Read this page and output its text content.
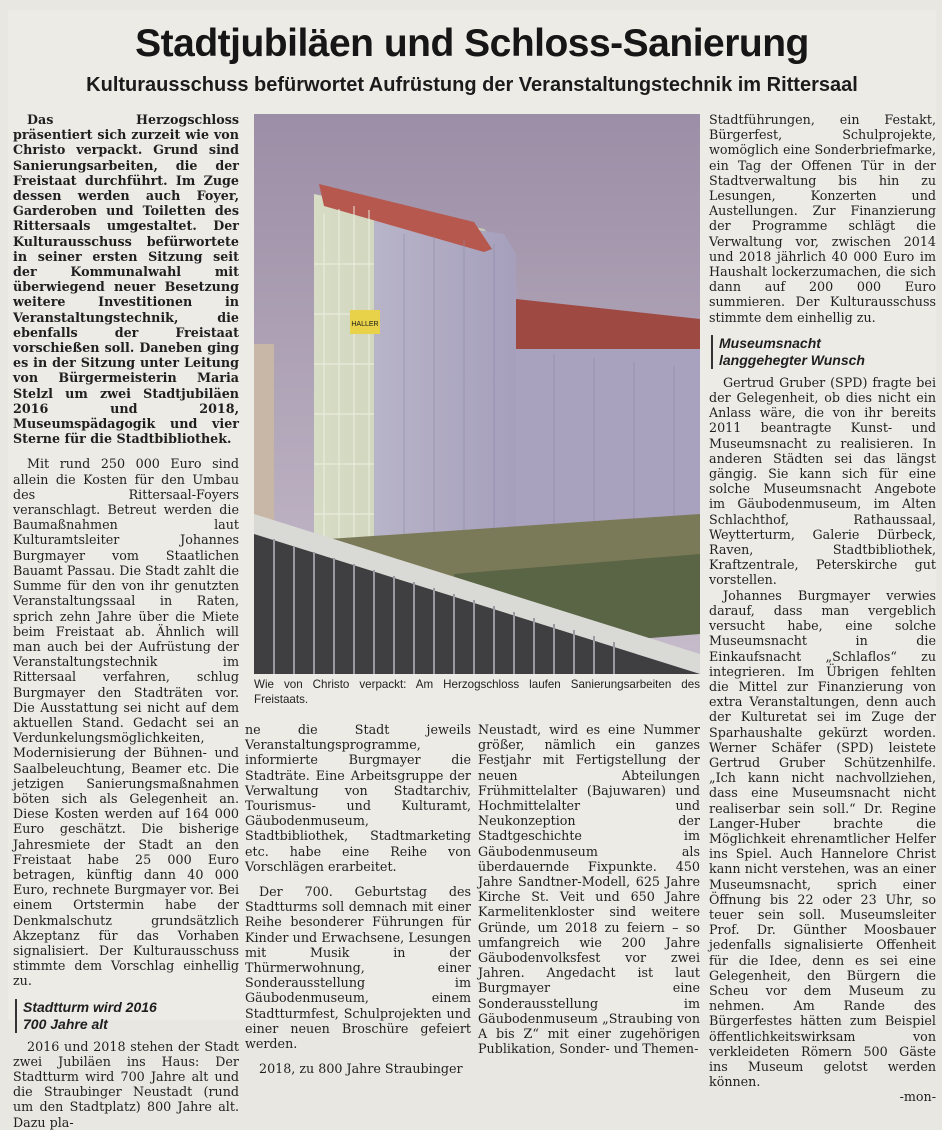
Stadtjubiläen und Schloss-Sanierung
Kulturausschuss befürwortet Aufrüstung der Veranstaltungstechnik im Rittersaal

Das Herzogschloss präsentiert sich zurzeit wie von Christo verpackt. Grund sind Sanierungsarbeiten, die der Freistaat durchführt. Im Zuge dessen werden auch Foyer, Garderoben und Toiletten des Rittersaals umgestaltet. Der Kulturausschuss befürwortete in seiner ersten Sitzung seit der Kommunalwahl mit überwiegend neuer Besetzung weitere Investitionen in Veranstaltungstechnik, die ebenfalls der Freistaat vorschießen soll. Daneben ging es in der Sitzung unter Leitung von Bürgermeisterin Maria Stelzl um zwei Stadtjubiläen 2016 und 2018, Museumspädagogik und vier Sterne für die Stadtbibliothek.

Mit rund 250 000 Euro sind allein die Kosten für den Umbau des Rittersaal-Foyers veranschlagt. Betreut werden die Baumaßnahmen laut Kulturamtsleiter Johannes Burgmayer vom Staatlichen Bauamt Passau. Die Stadt zahlt die Summe für den von ihr genutzten Veranstaltungssaal in Raten, sprich zehn Jahre über die Miete beim Freistaat ab. Ähnlich will man auch bei der Aufrüstung der Veranstaltungstechnik im Rittersaal verfahren, schlug Burgmayer den Stadträten vor. Die Ausstattung sei nicht auf dem aktuellen Stand. Gedacht sei an Verdunkelungsmöglichkeiten, Modernisierung der Bühnen- und Saalbeleuchtung, Beamer etc. Die jetzigen Sanierungsmaßnahmen böten sich als Gelegenheit an. Diese Kosten werden auf 164 000 Euro geschätzt. Die bisherige Jahresmiete der Stadt an den Freistaat habe 25 000 Euro betragen, künftig dann 40 000 Euro, rechnete Burgmayer vor. Bei einem Ortstermin habe der Denkmalschutz grundsätzlich Akzeptanz für das Vorhaben signalisiert. Der Kulturausschuss stimmte dem Vorschlag einhellig zu.

Stadtturm wird 2016
700 Jahre alt

2016 und 2018 stehen der Stadt zwei Jubiläen ins Haus: Der Stadtturm wird 700 Jahre alt und die Straubinger Neustadt (rund um den Stadtplatz) 800 Jahre alt. Dazu pla-

HALLER
Wie von Christo verpackt: Am Herzogschloss laufen Sanierungsarbeiten des Freistaats.

ne die Stadt jeweils Veranstaltungsprogramme, informierte Burgmayer die Stadträte. Eine Arbeitsgruppe der Verwaltung von Stadtarchiv, Tourismus- und Kulturamt, Gäubodenmuseum, Stadtbibliothek, Stadtmarketing etc. habe eine Reihe von Vorschlägen erarbeitet.

Der 700. Geburtstag des Stadtturms soll demnach mit einer Reihe besonderer Führungen für Kinder und Erwachsene, Lesungen mit Musik in der Thürmerwohnung, einer Sonderausstellung im Gäubodenmuseum, einem Stadtturmfest, Schulprojekten und einer neuen Broschüre gefeiert werden.

2018, zu 800 Jahre Straubinger

Neustadt, wird es eine Nummer größer, nämlich ein ganzes Festjahr mit Fertigstellung der neuen Abteilungen Frühmittelalter (Bajuwaren) und Hochmittelalter und Neukonzeption der Stadtgeschichte im Gäubodenmuseum als überdauernde Fixpunkte. 450 Jahre Sandtner-Modell, 625 Jahre Kirche St. Veit und 650 Jahre Karmelitenkloster sind weitere Gründe, um 2018 zu feiern – so umfangreich wie 200 Jahre Gäubodenvolksfest vor zwei Jahren. Angedacht ist laut Burgmayer eine Sonderausstellung im Gäubodenmuseum „Straubing von A bis Z“ mit einer zugehörigen Publikation, Sonder- und Themen-

Stadtführungen, ein Festakt, Bürgerfest, Schulprojekte, womöglich eine Sonderbriefmarke, ein Tag der Offenen Tür in der Stadtverwaltung bis hin zu Lesungen, Konzerten und Austellungen. Zur Finanzierung der Programme schlägt die Verwaltung vor, zwischen 2014 und 2018 jährlich 40 000 Euro im Haushalt lockerzumachen, die sich dann auf 200 000 Euro summieren. Der Kulturausschuss stimmte dem einhellig zu.

Museumsnacht
langgehegter Wunsch

Gertrud Gruber (SPD) fragte bei der Gelegenheit, ob dies nicht ein Anlass wäre, die von ihr bereits 2011 beantragte Kunst- und Museumsnacht zu realisieren. In anderen Städten sei das längst gängig. Sie kann sich für eine solche Museumsnacht Angebote im Gäubodenmuseum, im Alten Schlachthof, Rathaussaal, Weytterturm, Galerie Dürbeck, Raven, Stadtbibliothek, Kraftzentrale, Peterskirche gut vorstellen.

Johannes Burgmayer verwies darauf, dass man vergeblich versucht habe, eine solche Museumsnacht in die Einkaufsnacht „Schlaflos“ zu integrieren. Im Übrigen fehlten die Mittel zur Finanzierung von extra Veranstaltungen, denn auch der Kulturetat sei im Zuge der Sparhaushalte gekürzt worden. Werner Schäfer (SPD) leistete Gertrud Gruber Schützenhilfe. „Ich kann nicht nachvollziehen, dass eine Museumsnacht nicht realiserbar sein soll.“ Dr. Regine Langer-Huber brachte die Möglichkeit ehrenamtlicher Helfer ins Spiel. Auch Hannelore Christ kann nicht verstehen, was an einer Museumsnacht, sprich einer Öffnung bis 22 oder 23 Uhr, so teuer sein soll. Museumsleiter Prof. Dr. Günther Moosbauer jedenfalls signalisierte Offenheit für die Idee, denn es sei eine Gelegenheit, den Bürgern die Scheu vor dem Museum zu nehmen. Am Rande des Bürgerfestes hätten zum Beispiel öffentlichkeitswirksam von verkleideten Römern 500 Gäste ins Museum gelotst werden können.

-mon-
